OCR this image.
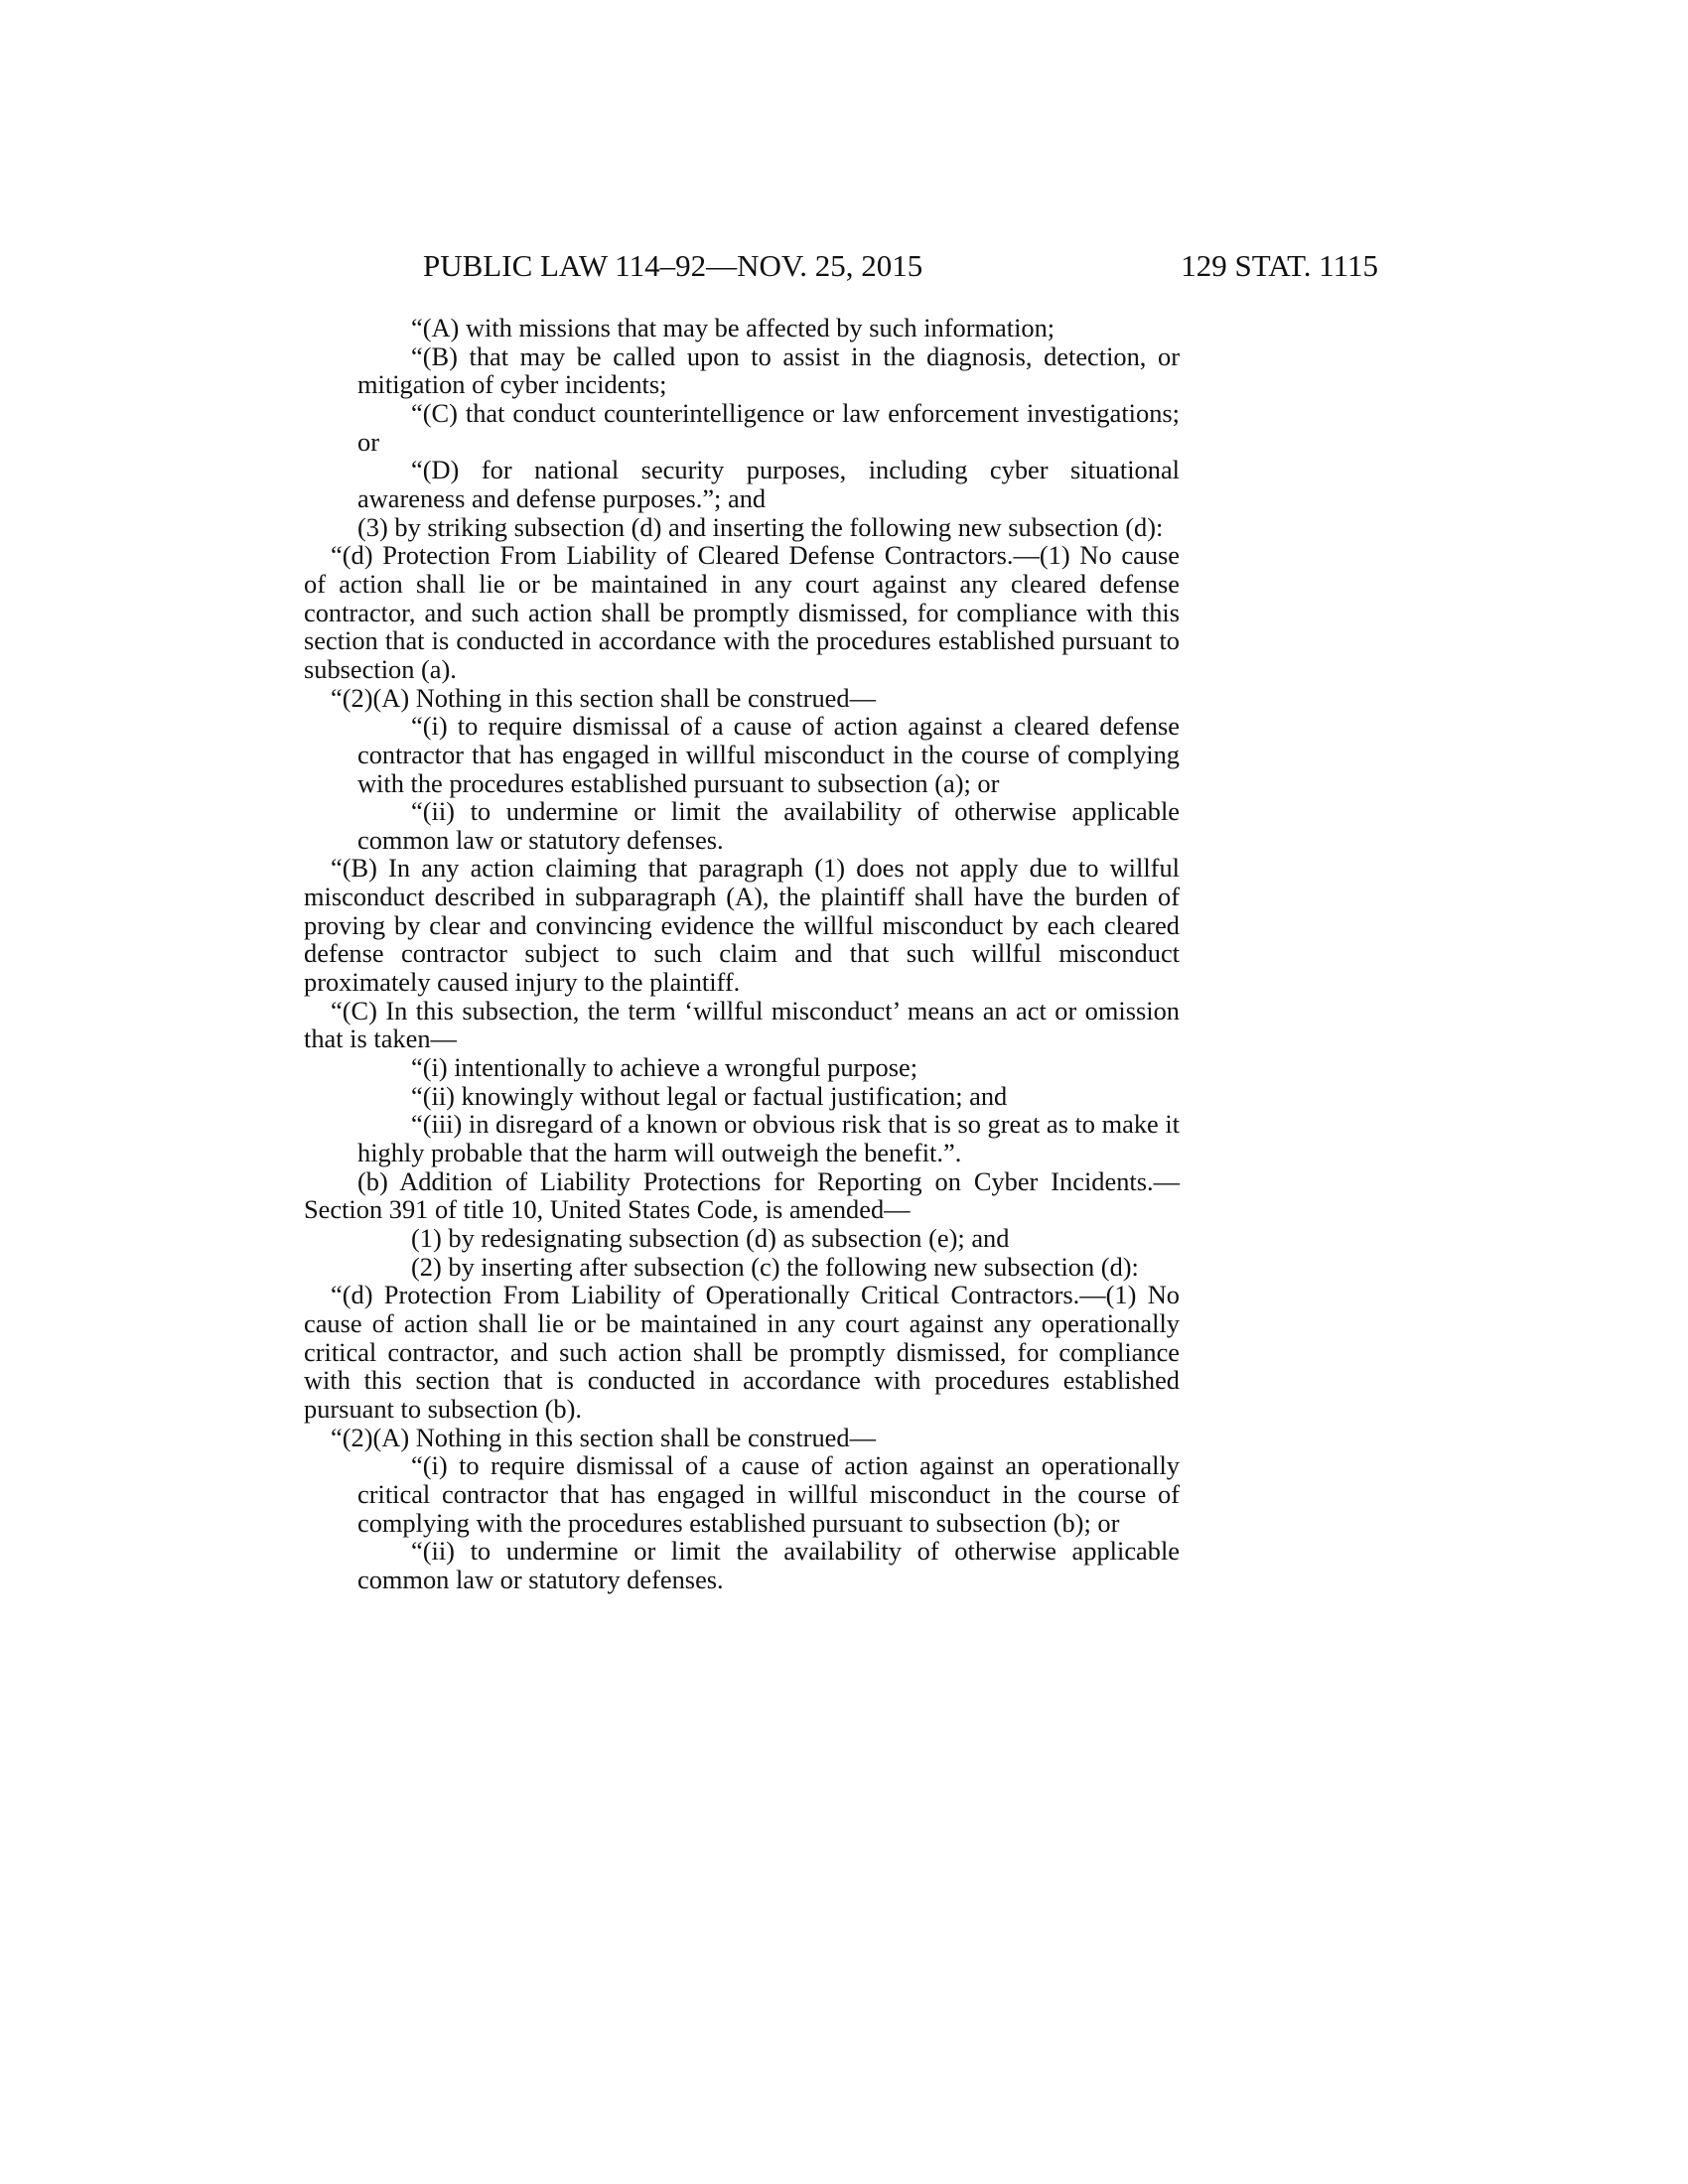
PUBLIC LAW 114–92—NOV. 25, 2015	129 STAT. 1115

“(A) with missions that may be affected by such information;

“(B) that may be called upon to assist in the diagnosis, detection, or mitigation of cyber incidents;

“(C) that conduct counterintelligence or law enforcement investigations; or

“(D) for national security purposes, including cyber situational awareness and defense purposes.”; and

(3) by striking subsection (d) and inserting the following new subsection (d):

“(d) Protection From Liability of Cleared Defense Contractors.—(1) No cause of action shall lie or be maintained in any court against any cleared defense contractor, and such action shall be promptly dismissed, for compliance with this section that is conducted in accordance with the procedures established pursuant to subsection (a).

“(2)(A) Nothing in this section shall be construed—

“(i) to require dismissal of a cause of action against a cleared defense contractor that has engaged in willful misconduct in the course of complying with the procedures established pursuant to subsection (a); or

“(ii) to undermine or limit the availability of otherwise applicable common law or statutory defenses.

“(B) In any action claiming that paragraph (1) does not apply due to willful misconduct described in subparagraph (A), the plaintiff shall have the burden of proving by clear and convincing evidence the willful misconduct by each cleared defense contractor subject to such claim and that such willful misconduct proximately caused injury to the plaintiff.

“(C) In this subsection, the term ‘willful misconduct’ means an act or omission that is taken—

“(i) intentionally to achieve a wrongful purpose;

“(ii) knowingly without legal or factual justification; and

“(iii) in disregard of a known or obvious risk that is so great as to make it highly probable that the harm will outweigh the benefit.”.

(b) Addition of Liability Protections for Reporting on Cyber Incidents.—Section 391 of title 10, United States Code, is amended—

(1) by redesignating subsection (d) as subsection (e); and

(2) by inserting after subsection (c) the following new subsection (d):

“(d) Protection From Liability of Operationally Critical Contractors.—(1) No cause of action shall lie or be maintained in any court against any operationally critical contractor, and such action shall be promptly dismissed, for compliance with this section that is conducted in accordance with procedures established pursuant to subsection (b).

“(2)(A) Nothing in this section shall be construed—

“(i) to require dismissal of a cause of action against an operationally critical contractor that has engaged in willful misconduct in the course of complying with the procedures established pursuant to subsection (b); or

“(ii) to undermine or limit the availability of otherwise applicable common law or statutory defenses.
